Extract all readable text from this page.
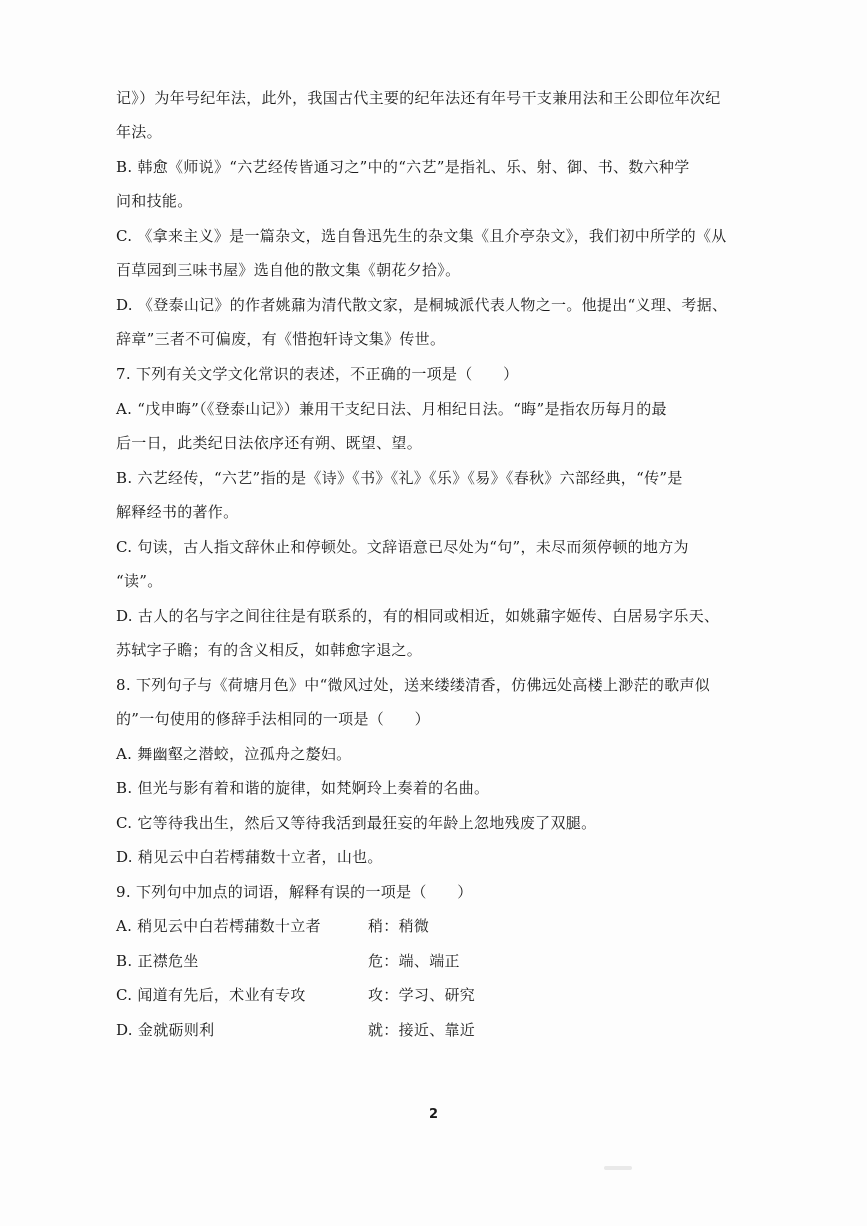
记》）为年号纪年法，此外，我国古代主要的纪年法还有年号干支兼用法和王公即位年次纪
年法。
B. 韩愈《师说》“六艺经传皆通习之”中的“六艺”是指礼、乐、射、御、书、数六种学
问和技能。
C. 《拿来主义》是一篇杂文，选自鲁迅先生的杂文集《且介亭杂文》，我们初中所学的《从
百草园到三味书屋》选自他的散文集《朝花夕拾》。
D. 《登泰山记》的作者姚鼐为清代散文家，是桐城派代表人物之一。他提出“义理、考据、
辞章”三者不可偏废，有《惜抱轩诗文集》传世。
7. 下列有关文学文化常识的表述，不正确的一项是（　　）
A. “戊申晦”（《登泰山记》）兼用干支纪日法、月相纪日法。“晦”是指农历每月的最
后一日，此类纪日法依序还有朔、既望、望。
B. 六艺经传，“六艺”指的是《诗》《书》《礼》《乐》《易》《春秋》六部经典，“传”是
解释经书的著作。
C. 句读，古人指文辞休止和停顿处。文辞语意已尽处为“句”，未尽而须停顿的地方为
“读”。
D. 古人的名与字之间往往是有联系的，有的相同或相近，如姚鼐字姬传、白居易字乐天、
苏轼字子瞻；有的含义相反，如韩愈字退之。
8. 下列句子与《荷塘月色》中“微风过处，送来缕缕清香，仿佛远处高楼上渺茫的歌声似
的”一句使用的修辞手法相同的一项是（　　）
A. 舞幽壑之潜蛟，泣孤舟之嫠妇。
B. 但光与影有着和谐的旋律，如梵婀玲上奏着的名曲。
C. 它等待我出生，然后又等待我活到最狂妄的年龄上忽地残废了双腿。
D. 稍见云中白若樗蒱数十立者，山也。
9. 下列句中加点的词语，解释有误的一项是（　　）
A. 稍见云中白若樗蒱数十立者	稍：稍微
B. 正襟危坐	危：端、端正
C. 闻道有先后，术业有专攻	攻：学习、研究
D. 金就砺则利	就：接近、靠近
2
